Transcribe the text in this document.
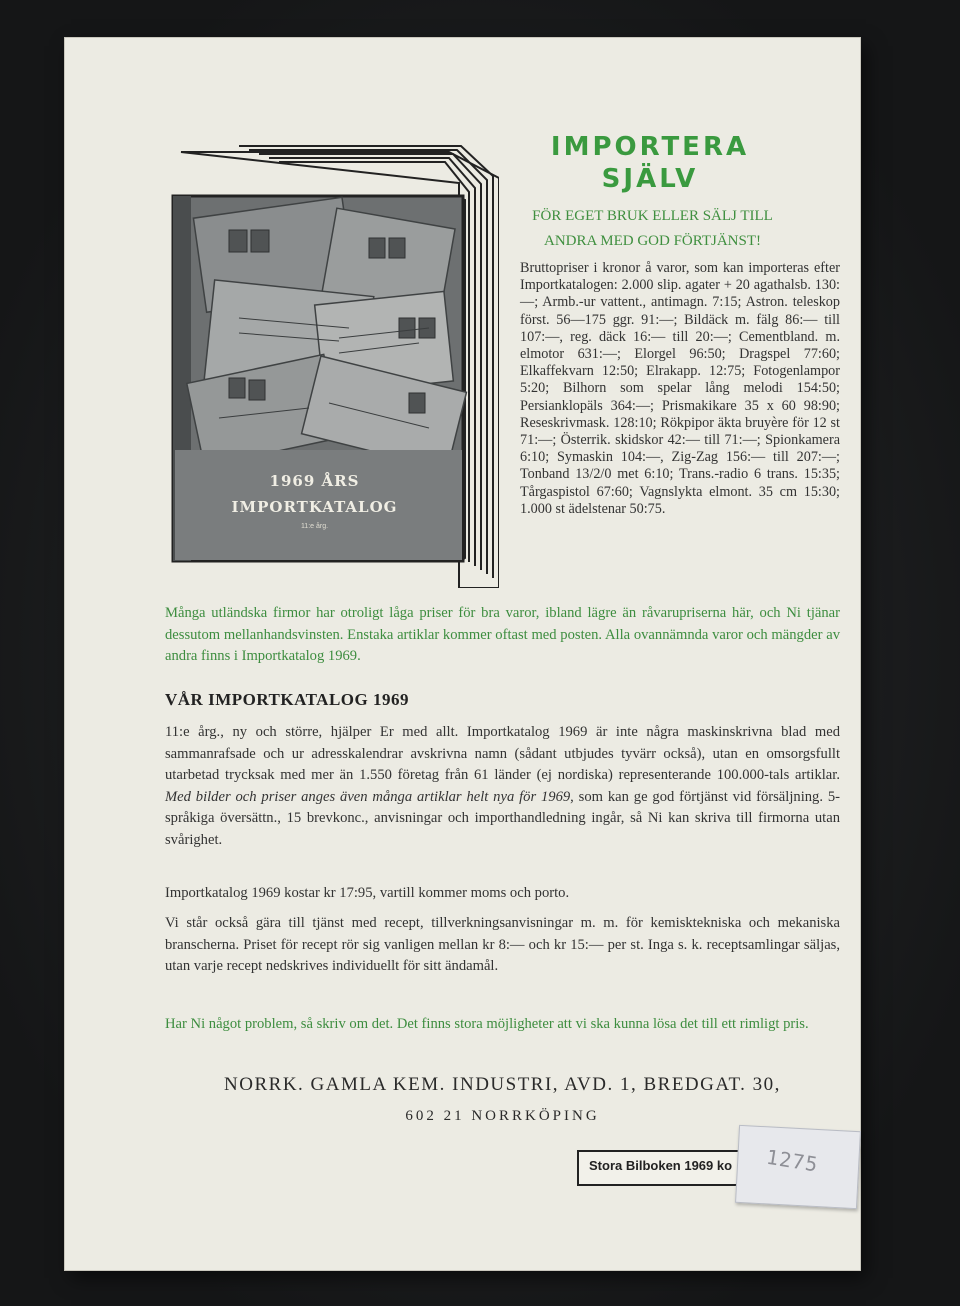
1969 ÅRS
IMPORTKATALOG
11:e årg.
IMPORTERA
SJÄLV
FÖR EGET BRUK ELLER SÄLJ TILL
ANDRA MED GOD FÖRTJÄNST!
Bruttopriser i kronor å varor, som kan importeras efter Importkatalogen: 2.000 slip. agater + 20 agathalsb. 130:—; Armb.-ur vattent., antimagn. 7:15; Astron. teleskop först. 56—175 ggr. 91:—; Bildäck m. fälg 86:— till 107:—, reg. däck 16:— till 20:—; Cementbland. m. elmotor 631:—; Elorgel 96:50; Dragspel 77:60; Elkaffekvarn 12:50; Elrakapp. 12:75; Fotogenlampor 5:20; Bilhorn som spelar lång melodi 154:50; Persianklopäls 364:—; Prismakikare 35 x 60 98:90; Reseskrivmask. 128:10; Rökpipor äkta bruyère för 12 st 71:—; Österrik. skidskor 42:— till 71:—; Spionkamera 6:10; Symaskin 104:—, Zig-Zag 156:— till 207:—; Tonband 13/2/0 met 6:10; Trans.-radio 6 trans. 15:35; Tårgaspistol 67:60; Vagnslykta elmont. 35 cm 15:30; 1.000 st ädelstenar 50:75.
Många utländska firmor har otroligt låga priser för bra varor, ibland lägre än råvarupriserna här, och Ni tjänar dessutom mellanhandsvinsten. Enstaka artiklar kommer oftast med posten. Alla ovannämnda varor och mängder av andra finns i Importkatalog 1969.
VÅR IMPORTKATALOG 1969
11:e årg., ny och större, hjälper Er med allt. Importkatalog 1969 är inte några maskinskrivna blad med sammanrafsade och ur adresskalendrar avskrivna namn (sådant utbjudes tyvärr också), utan en omsorgsfullt utarbetad trycksak med mer än 1.550 företag från 61 länder (ej nordiska) representerande 100.000-tals artiklar. Med bilder och priser anges även många artiklar helt nya för 1969, som kan ge god förtjänst vid försäljning. 5-språkiga översättn., 15 brevkonc., anvisningar och importhandledning ingår, så Ni kan skriva till firmorna utan svårighet.
Importkatalog 1969 kostar kr 17:95, vartill kommer moms och porto.
Vi står också gära till tjänst med recept, tillverkningsanvisningar m. m. för kemisktekniska och mekaniska branscherna. Priset för recept rör sig vanligen mellan kr 8:— och kr 15:— per st. Inga s. k. receptsamlingar säljas, utan varje recept nedskrives individuellt för sitt ändamål.
Har Ni något problem, så skriv om det. Det finns stora möjligheter att vi ska kunna lösa det till ett rimligt pris.
NORRK. GAMLA KEM. INDUSTRI, AVD. 1, BREDGAT. 30,
602 21 NORRKÖPING
Stora Bilboken 1969 ko 1275
